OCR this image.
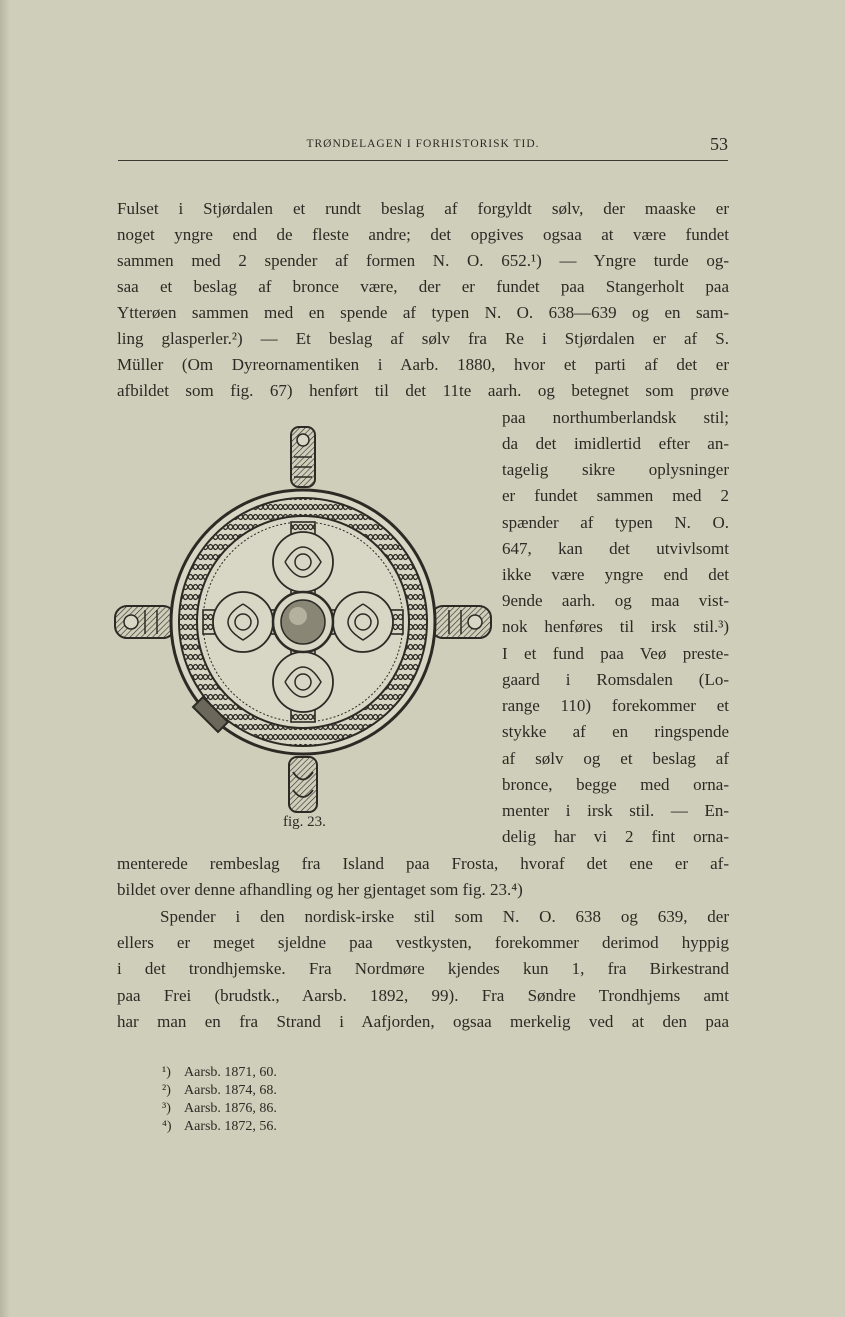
TRØNDELAGEN I FORHISTORISK TID.	53
Fulset i Stjørdalen et rundt beslag af forgyldt sølv, der maaske er
noget yngre end de fleste andre; det opgives ogsaa at være fundet
sammen med 2 spender af formen N. O. 652.¹) — Yngre turde og-
saa et beslag af bronce være, der er fundet paa Stangerholt paa
Ytterøen sammen med en spende af typen N. O. 638—639 og en sam-
ling glasperler.²) — Et beslag af sølv fra Re i Stjørdalen er af S.
Müller (Om Dyreornamentiken i Aarb. 1880, hvor et parti af det er
afbildet som fig. 67) henført til det 11te aarh. og betegnet som prøve
paa northumberlandsk stil;
da det imidlertid efter an-
tagelig sikre oplysninger
er fundet sammen med 2
spænder af typen N. O.
647, kan det utvivlsomt
ikke være yngre end det
9ende aarh. og maa vist-
nok henføres til irsk stil.³)
I et fund paa Veø preste-
gaard i Romsdalen (Lo-
range 110) forekommer et
stykke af en ringspende
af sølv og et beslag af
bronce, begge med orna-
menter i irsk stil. — En-
delig har vi 2 fint orna-
fig. 23.
menterede rembeslag fra Island paa Frosta, hvoraf det ene er af-
bildet over denne afhandling og her gjentaget som fig. 23.⁴)
Spender i den nordisk-irske stil som N. O. 638 og 639, der
ellers er meget sjeldne paa vestkysten, forekommer derimod hyppig
i det trondhjemske. Fra Nordmøre kjendes kun 1, fra Birkestrand
paa Frei (brudstk., Aarsb. 1892, 99). Fra Søndre Trondhjems amt
har man en fra Strand i Aafjorden, ogsaa merkelig ved at den paa
¹) Aarsb. 1871, 60.
²) Aarsb. 1874, 68.
³) Aarsb. 1876, 86.
⁴) Aarsb. 1872, 56.
